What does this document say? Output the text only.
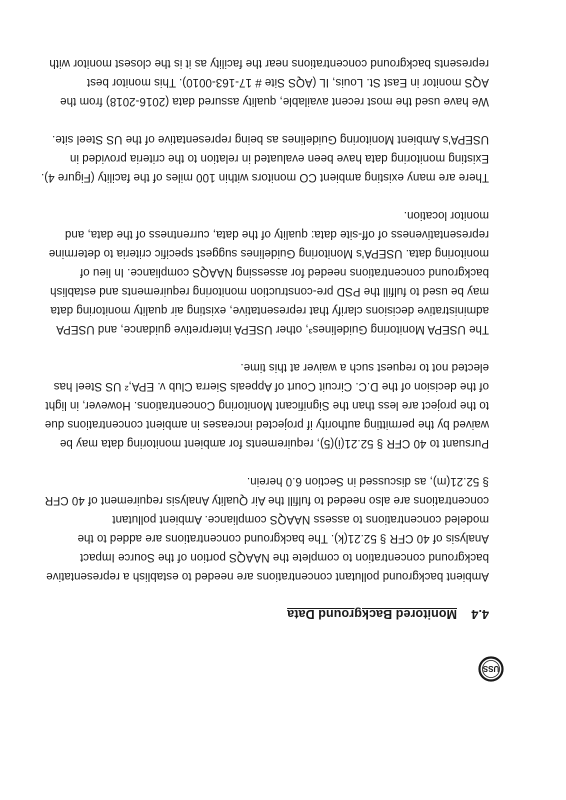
USS
4.4Monitored Background Data
Ambient background pollutant concentrations are needed to establish a representative
background concentration to complete the NAAQS portion of the Source Impact
Analysis of 40 CFR § 52.21(k). The background concentrations are added to the
modeled concentrations to assess NAAQS compliance. Ambient pollutant
concentrations are also needed to fulfill the Air Quality Analysis requirement of 40 CFR
§ 52.21(m), as discussed in Section 6.0 herein.
Pursuant to 40 CFR § 52.21(i)(5), requirements for ambient monitoring data may be
waived by the permitting authority if projected increases in ambient concentrations due
to the project are less than the Significant Monitoring Concentrations. However, in light
of the decision of the D.C. Circuit Court of Appeals Sierra Club v. EPA,² US Steel has
elected not to request such a waiver at this time.
The USEPA Monitoring Guidelines³, other USEPA interpretive guidance, and USEPA
administrative decisions clarify that representative, existing air quality monitoring data
may be used to fulfill the PSD pre-construction monitoring requirements and establish
background concentrations needed for assessing NAAQS compliance. In lieu of
monitoring data. USEPA's Monitoring Guidelines suggest specific criteria to determine
representativeness of off-site data: quality of the data, currentness of the data, and
monitor location.
There are many existing ambient CO monitors within 100 miles of the facility (Figure 4).
Existing monitoring data have been evaluated in relation to the criteria provided in
USEPA's Ambient Monitoring Guidelines as being representative of the US Steel site.
We have used the most recent available, quality assured data (2016-2018) from the
AQS monitor in East St. Louis, IL (AQS Site # 17-163-0010). This monitor best
represents background concentrations near the facility as it is the closest monitor with
